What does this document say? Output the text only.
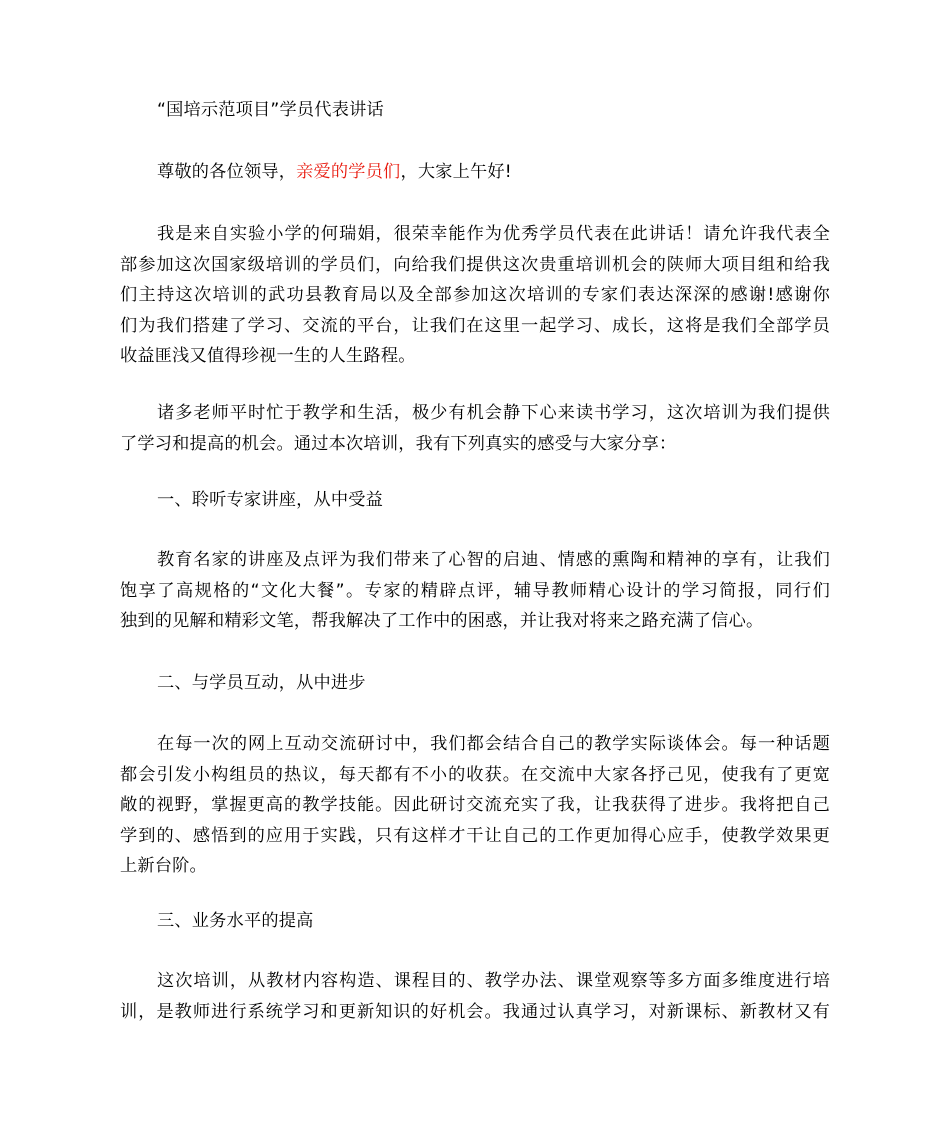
“国培示范项目”学员代表讲话

尊敬的各位领导，亲爱的学员们，大家上午好!

我是来自实验小学的何瑞娟，很荣幸能作为优秀学员代表在此讲话！请允许我代表全

部参加这次国家级培训的学员们，向给我们提供这次贵重培训机会的陕师大项目组和给我

们主持这次培训的武功县教育局以及全部参加这次培训的专家们表达深深的感谢!感谢你

们为我们搭建了学习、交流的平台，让我们在这里一起学习、成长，这将是我们全部学员

收益匪浅又值得珍视一生的人生路程。

诸多老师平时忙于教学和生活，极少有机会静下心来读书学习，这次培训为我们提供

了学习和提高的机会。通过本次培训，我有下列真实的感受与大家分享：

一、聆听专家讲座，从中受益

教育名家的讲座及点评为我们带来了心智的启迪、情感的熏陶和精神的享有，让我们

饱享了高规格的“文化大餐”。专家的精辟点评，辅导教师精心设计的学习简报，同行们

独到的见解和精彩文笔，帮我解决了工作中的困惑，并让我对将来之路充满了信心。

二、与学员互动，从中进步

在每一次的网上互动交流研讨中，我们都会结合自己的教学实际谈体会。每一种话题

都会引发小构组员的热议，每天都有不小的收获。在交流中大家各抒己见，使我有了更宽

敞的视野，掌握更高的教学技能。因此研讨交流充实了我，让我获得了进步。我将把自己

学到的、感悟到的应用于实践，只有这样才干让自己的工作更加得心应手，使教学效果更

上新台阶。

三、业务水平的提高

这次培训，从教材内容构造、课程目的、教学办法、课堂观察等多方面多维度进行培

训，是教师进行系统学习和更新知识的好机会。我通过认真学习，对新课标、新教材又有
